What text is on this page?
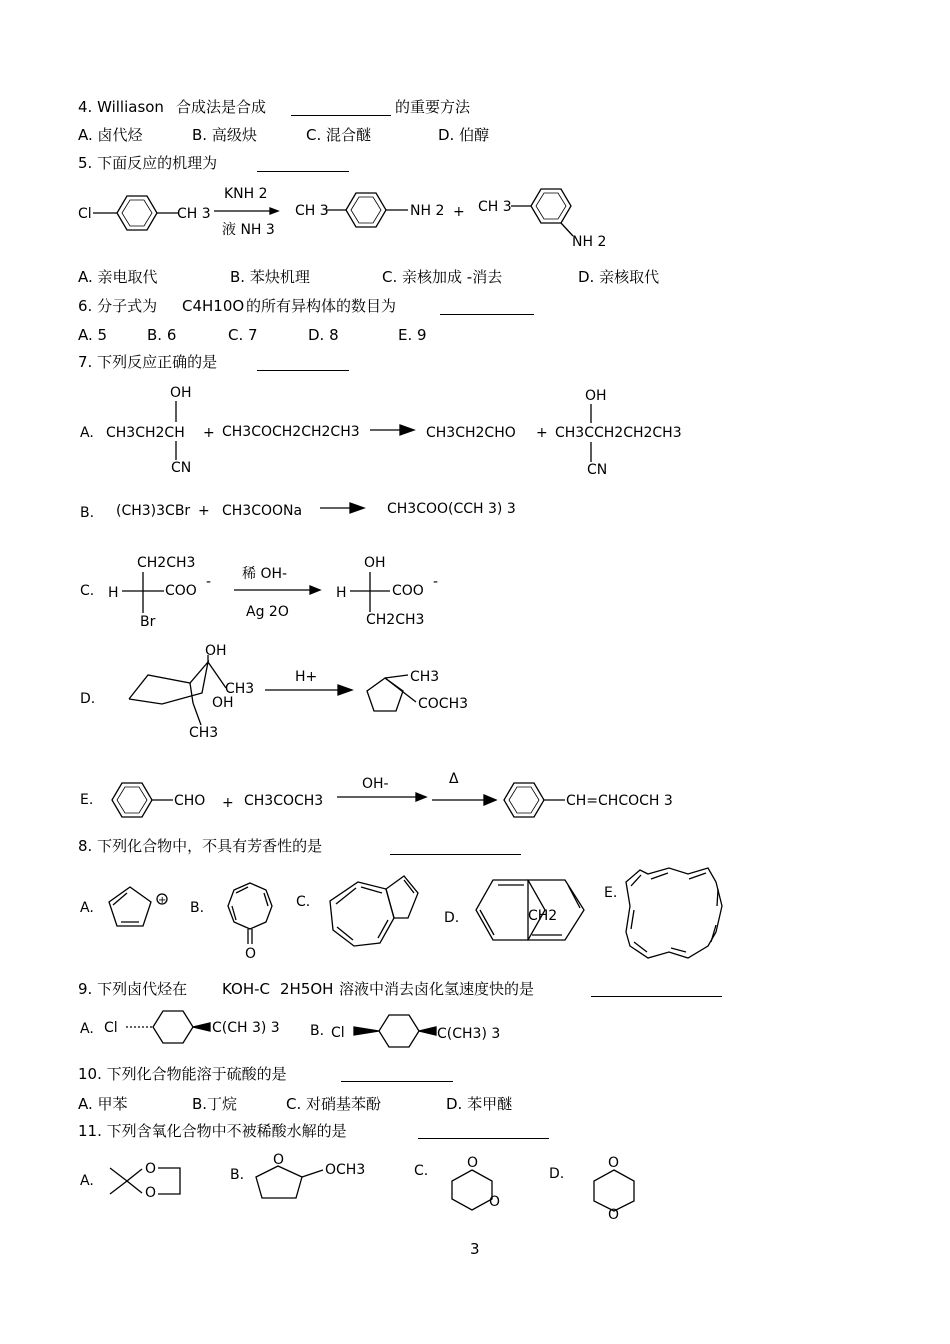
4. Williason 合成法是合成	的重要方法
A. 卤代烃	B. 高级炔	C. 混合醚	D. 伯醇
5. 下面反应的机理为
Cl	CH 3
KNH 2
液 NH 3
CH 3	NH 2 + CH 3
NH 2
A. 亲电取代	B. 苯炔机理	C. 亲核加成 -消去	D. 亲核取代
6. 分子式为 C4H10O 的所有异构体的数目为
A. 5	B. 6	C. 7	D. 8	E. 9
7. 下列反应正确的是
A.
OH
CH3CH2CH
CN
+ CH3COCH2CH2CH3	CH3CH2CHO +
OH
CH3CCH2CH2CH3
CN
B. (CH3)3CBr + CH3COONa	CH3COO(CCH 3) 3
C.
CH2CH3
H	COO
-
Br
稀 OH-
Ag 2O
OH
H	COO
-
CH2CH3
D.
OH
CH3
OH
CH3
H+	CH3
COCH3
E.	CHO + CH3COCH3
OH-	Δ
CH=CHCOCH 3
8. 下列化合物中，不具有芳香性的是
A.	B.	C.
D.
E.
+
O
CH2
9. 下列卤代烃在 KOH-C 2H5OH 溶液中消去卤化氢速度快的是
A. Cl	C(CH 3) 3 B. Cl	C(CH3) 3
10. 下列化合物能溶于硫酸的是
A. 甲苯	B.丁烷	C. 对硝基苯酚	D. 苯甲醚
11. 下列含氧化合物中不被稀酸水解的是
A.	B.	C.	D.
O
O
O
OCH3	O
O
O
O
3
